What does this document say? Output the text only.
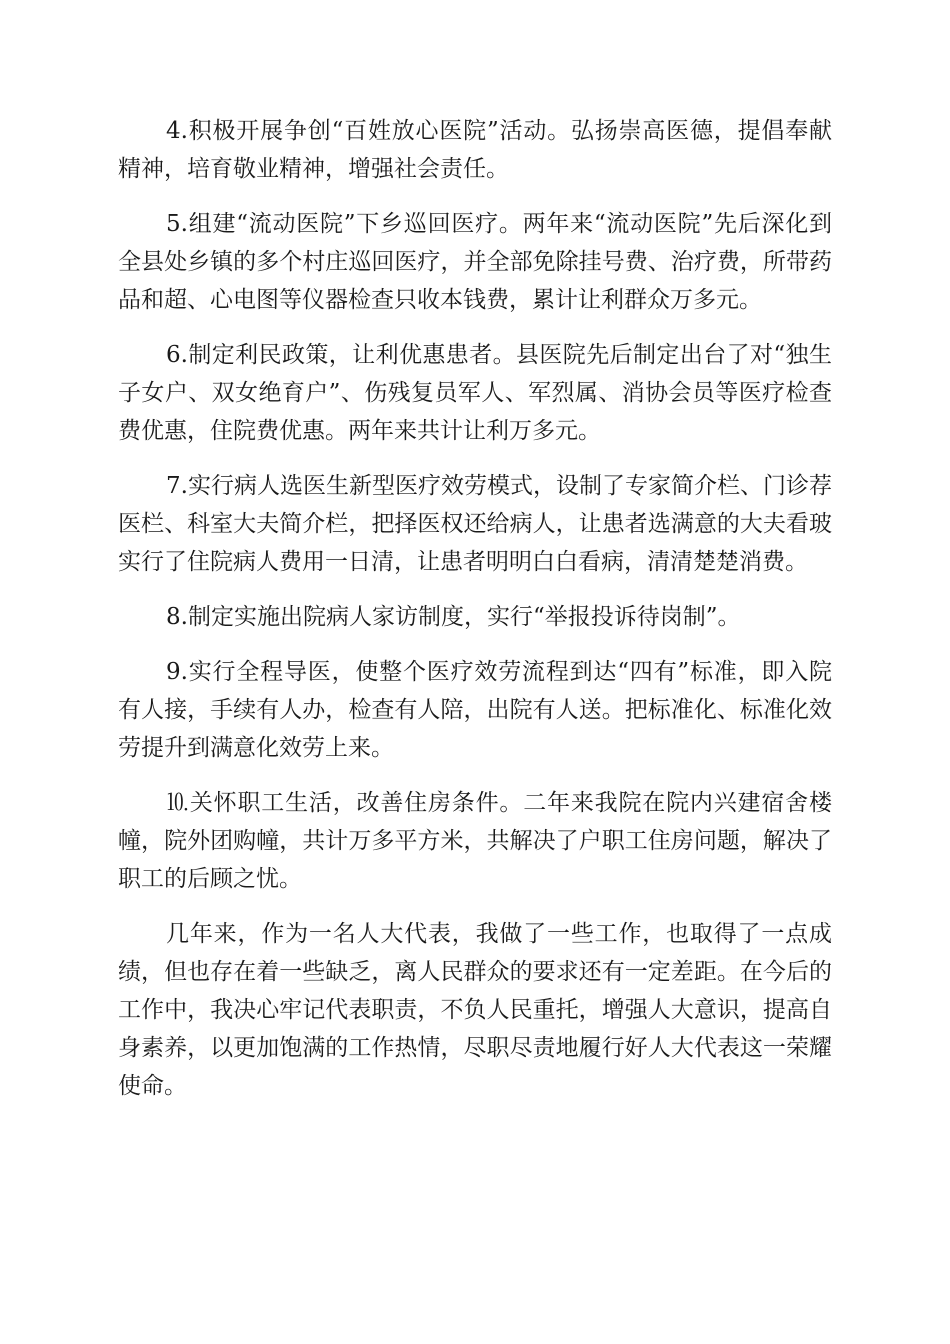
4.积极开展争创“百姓放心医院”活动。弘扬崇高医德，提倡奉献精神，培育敬业精神，增强社会责任。

5.组建“流动医院”下乡巡回医疗。两年来“流动医院”先后深化到全县处乡镇的多个村庄巡回医疗，并全部免除挂号费、治疗费，所带药品和超、心电图等仪器检查只收本钱费，累计让利群众万多元。

6.制定利民政策，让利优惠患者。县医院先后制定出台了对“独生子女户、双女绝育户”、伤残复员军人、军烈属、消协会员等医疗检查费优惠，住院费优惠。两年来共计让利万多元。

7.实行病人选医生新型医疗效劳模式，设制了专家简介栏、门诊荐医栏、科室大夫简介栏，把择医权还给病人，让患者选满意的大夫看玻实行了住院病人费用一日清，让患者明明白白看病，清清楚楚消费。

8.制定实施出院病人家访制度，实行“举报投诉待岗制”。

9.实行全程导医，使整个医疗效劳流程到达“四有”标准，即入院有人接，手续有人办，检查有人陪，出院有人送。把标准化、标准化效劳提升到满意化效劳上来。

⒑关怀职工生活，改善住房条件。二年来我院在院内兴建宿舍楼幢，院外团购幢，共计万多平方米，共解决了户职工住房问题，解决了职工的后顾之忧。

几年来，作为一名人大代表，我做了一些工作，也取得了一点成绩，但也存在着一些缺乏，离人民群众的要求还有一定差距。在今后的工作中，我决心牢记代表职责，不负人民重托，增强人大意识，提高自身素养，以更加饱满的工作热情，尽职尽责地履行好人大代表这一荣耀使命。
